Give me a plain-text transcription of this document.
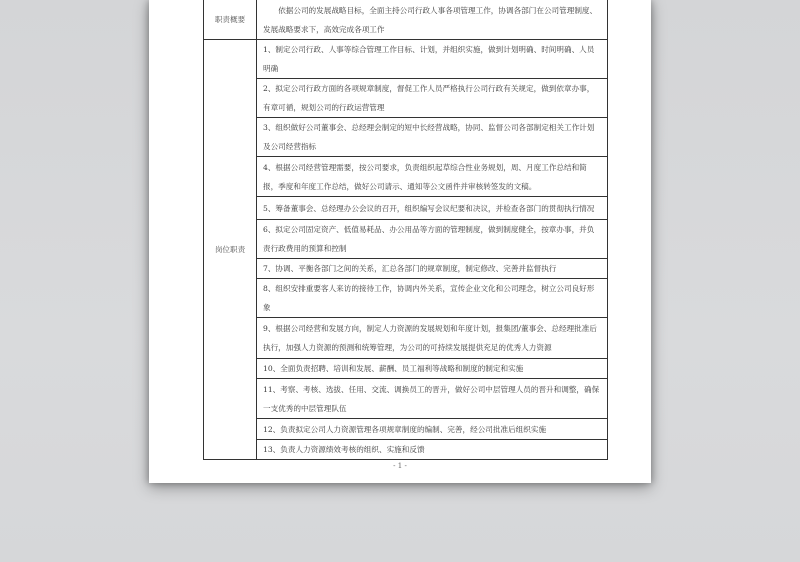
职责概要	依据公司的发展战略目标，全面主持公司行政人事各项管理工作，协调各部门在公司管理制度、发展战略要求下，高效完成各项工作
岗位职责	1、制定公司行政、人事等综合管理工作目标、计划，并组织实施，做到计划明确、时间明确、人员明确
	2、拟定公司行政方面的各项规章制度，督促工作人员严格执行公司行政有关规定，做到依章办事，有章可循，规划公司的行政运营管理
	3、组织做好公司董事会、总经理会制定的短中长经营战略，协同、监督公司各部制定相关工作计划及公司经营指标
	4、根据公司经营管理需要，按公司要求，负责组织起草综合性业务规划，周、月度工作总结和简报，季度和年度工作总结，做好公司请示、通知等公文函件并审核转签发的文稿。
	5、筹备董事会、总经理办公会议的召开，组织编写会议纪要和决议，并检查各部门的贯彻执行情况
	6、拟定公司固定资产、低值易耗品、办公用品等方面的管理制度，做到制度健全，按章办事，并负责行政费用的预算和控制
	7、协调、平衡各部门之间的关系，汇总各部门的规章制度，制定修改、完善并监督执行
	8、组织安排重要客人来访的接待工作，协调内外关系，宣传企业文化和公司理念，树立公司良好形象
	9、根据公司经营和发展方向，制定人力资源的发展规划和年度计划，报集团/董事会、总经理批准后执行，加强人力资源的预测和统筹管理，为公司的可持续发展提供充足的优秀人力资源
	10、全面负责招聘、培训和发展、薪酬、员工福利等战略和制度的制定和实施
	11、考察、考核、选拔、任用、交流、调换员工的晋升，做好公司中层管理人员的晋升和调整，确保一支优秀的中层管理队伍
	12、负责拟定公司人力资源管理各项规章制度的编制、完善，经公司批准后组织实施
	13、负责人力资源绩效考核的组织、实施和反馈
- 1 -
